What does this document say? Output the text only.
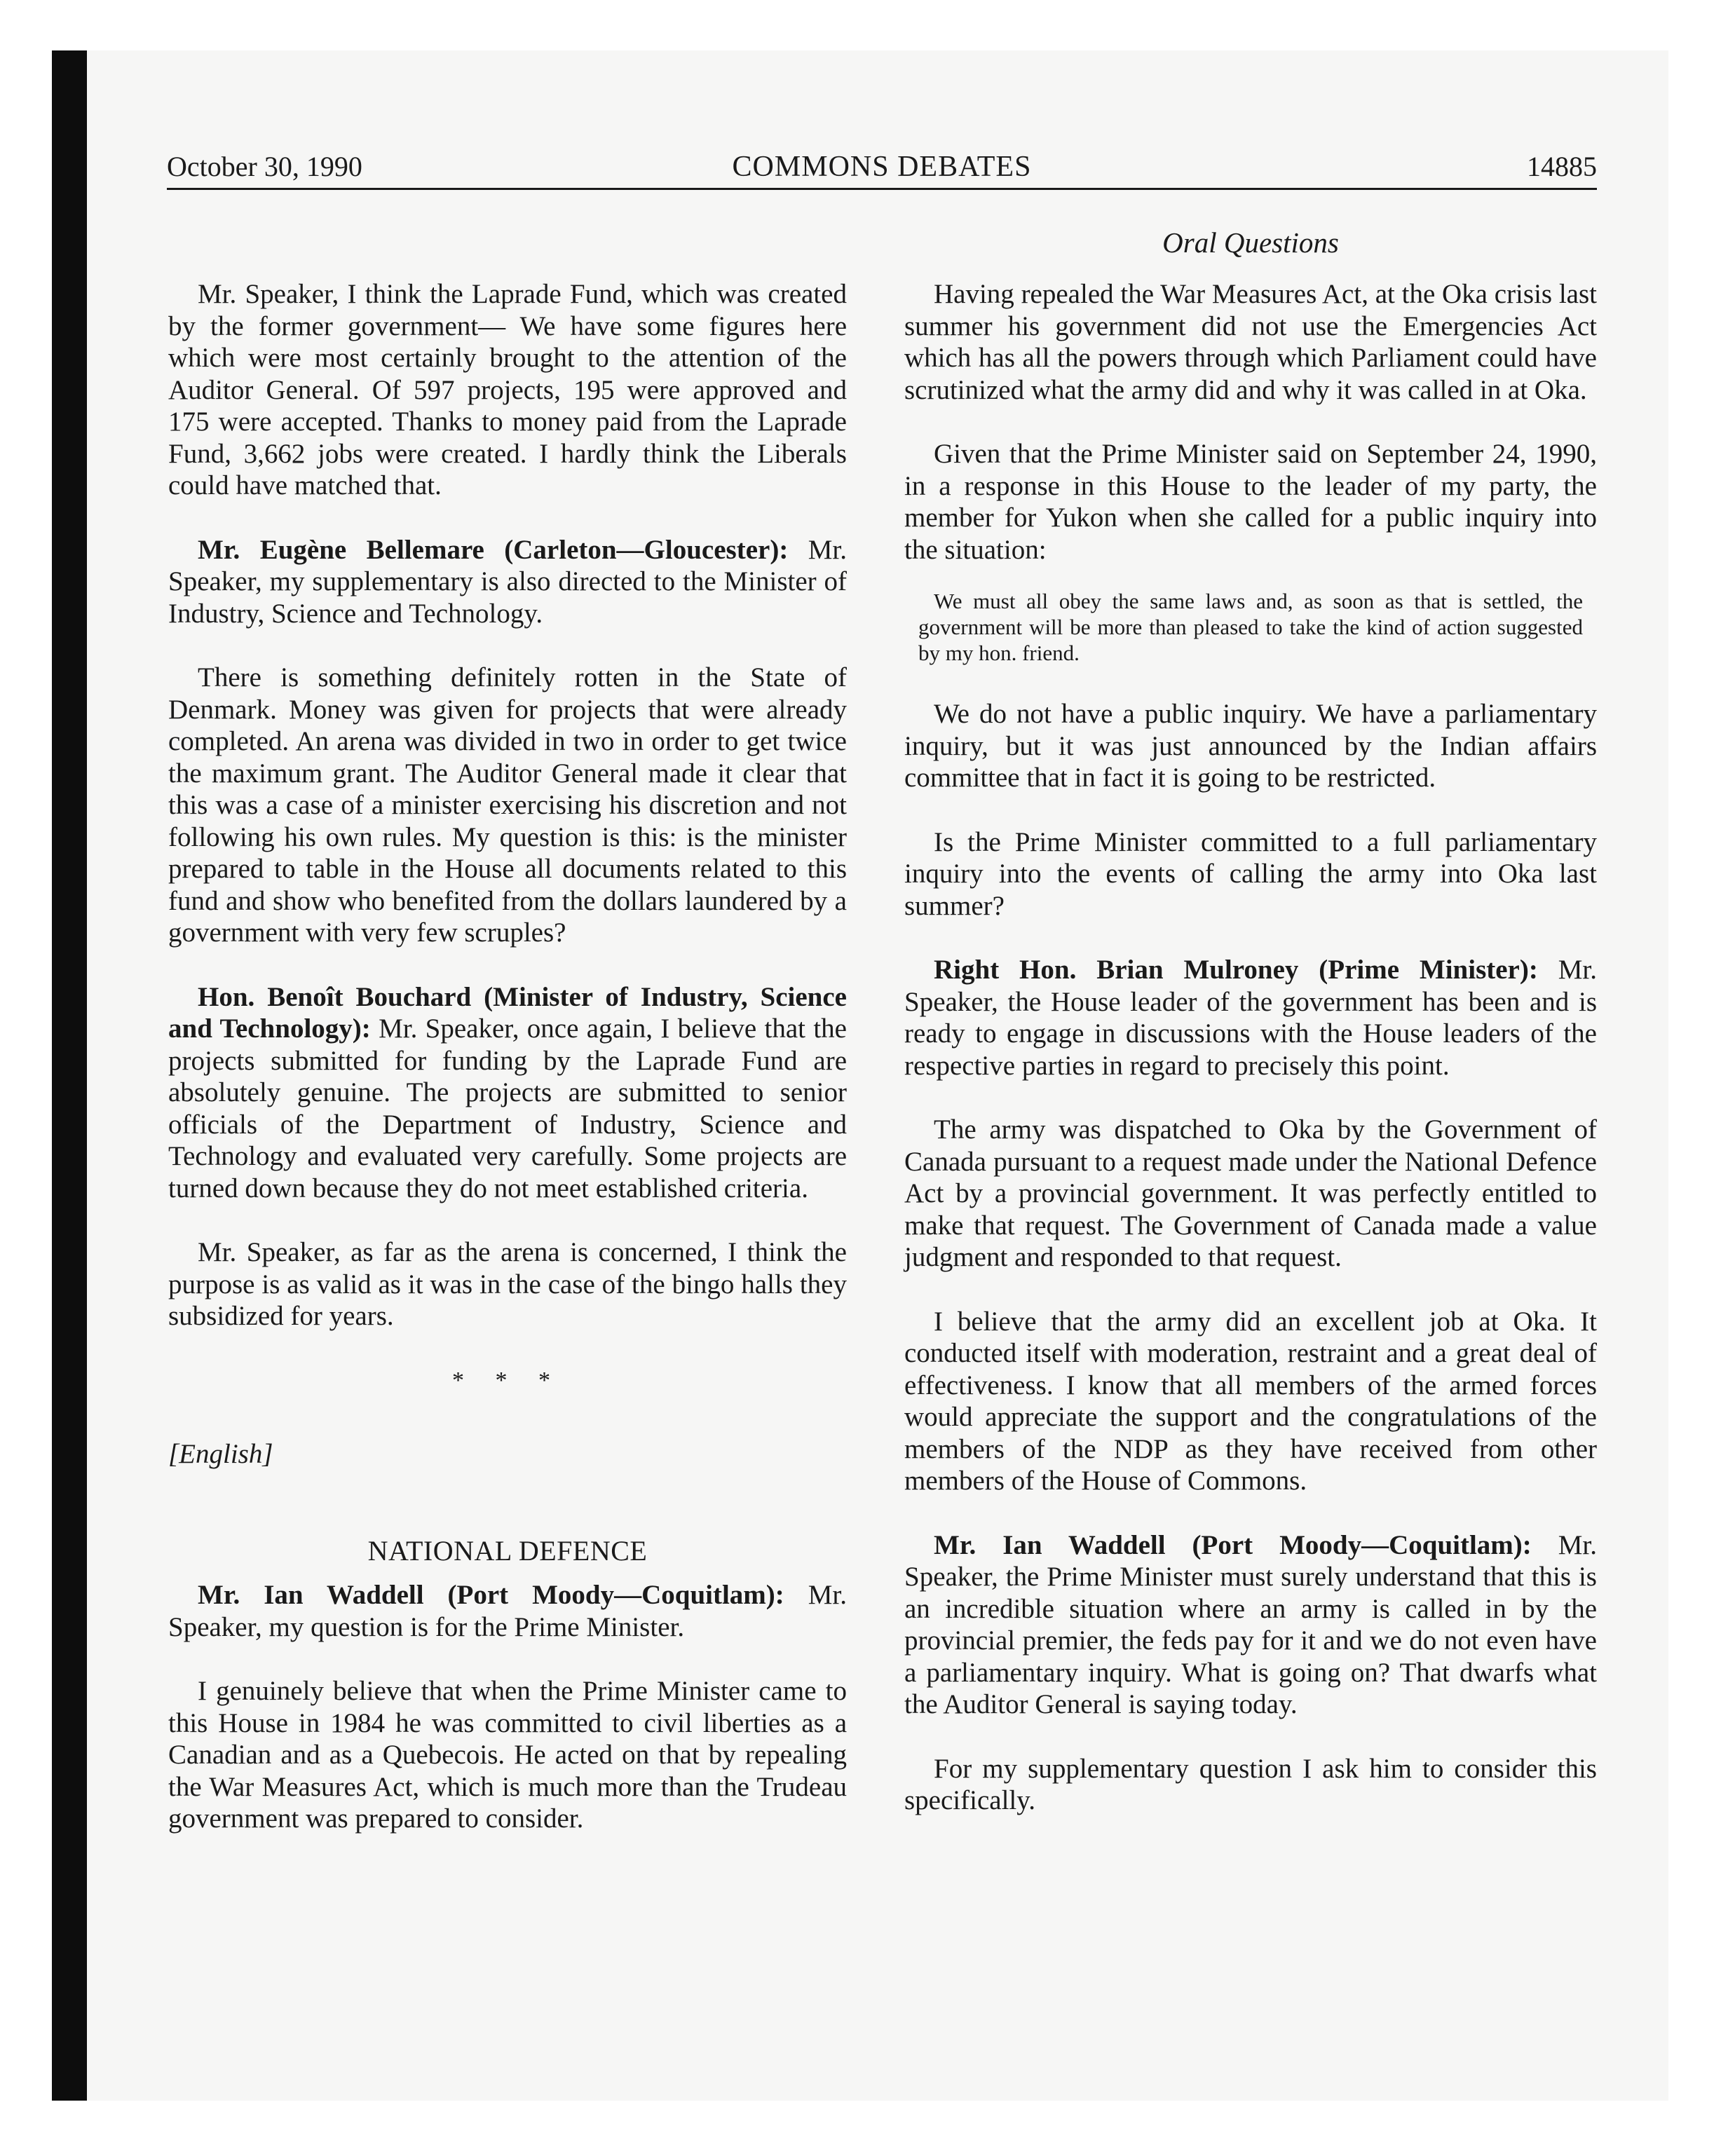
October 30, 1990	COMMONS DEBATES	14885
Oral Questions

Mr. Speaker, I think the Laprade Fund, which was created by the former government— We have some figures here which were most certainly brought to the attention of the Auditor General. Of 597 projects, 195 were approved and 175 were accepted. Thanks to money paid from the Laprade Fund, 3,662 jobs were created. I hardly think the Liberals could have matched that.

Mr. Eugène Bellemare (Carleton—Gloucester): Mr. Speaker, my supplementary is also directed to the Minister of Industry, Science and Technology.

There is something definitely rotten in the State of Denmark. Money was given for projects that were already completed. An arena was divided in two in order to get twice the maximum grant. The Auditor General made it clear that this was a case of a minister exercising his discretion and not following his own rules. My question is this: is the minister prepared to table in the House all documents related to this fund and show who benefited from the dollars laundered by a government with very few scruples?

Hon. Benoît Bouchard (Minister of Industry, Science and Technology): Mr. Speaker, once again, I believe that the projects submitted for funding by the Laprade Fund are absolutely genuine. The projects are submitted to senior officials of the Department of Industry, Science and Technology and evaluated very carefully. Some projects are turned down because they do not meet established criteria.

Mr. Speaker, as far as the arena is concerned, I think the purpose is as valid as it was in the case of the bingo halls they subsidized for years.

* * *

[English]

NATIONAL DEFENCE

Mr. Ian Waddell (Port Moody—Coquitlam): Mr. Speaker, my question is for the Prime Minister.

I genuinely believe that when the Prime Minister came to this House in 1984 he was committed to civil liberties as a Canadian and as a Quebecois. He acted on that by repealing the War Measures Act, which is much more than the Trudeau government was prepared to consider.

Having repealed the War Measures Act, at the Oka crisis last summer his government did not use the Emergencies Act which has all the powers through which Parliament could have scrutinized what the army did and why it was called in at Oka.

Given that the Prime Minister said on September 24, 1990, in a response in this House to the leader of my party, the member for Yukon when she called for a public inquiry into the situation:

We must all obey the same laws and, as soon as that is settled, the government will be more than pleased to take the kind of action suggested by my hon. friend.

We do not have a public inquiry. We have a parliamentary inquiry, but it was just announced by the Indian affairs committee that in fact it is going to be restricted.

Is the Prime Minister committed to a full parliamentary inquiry into the events of calling the army into Oka last summer?

Right Hon. Brian Mulroney (Prime Minister): Mr. Speaker, the House leader of the government has been and is ready to engage in discussions with the House leaders of the respective parties in regard to precisely this point.

The army was dispatched to Oka by the Government of Canada pursuant to a request made under the National Defence Act by a provincial government. It was perfectly entitled to make that request. The Government of Canada made a value judgment and responded to that request.

I believe that the army did an excellent job at Oka. It conducted itself with moderation, restraint and a great deal of effectiveness. I know that all members of the armed forces would appreciate the support and the congratulations of the members of the NDP as they have received from other members of the House of Commons.

Mr. Ian Waddell (Port Moody—Coquitlam): Mr. Speaker, the Prime Minister must surely understand that this is an incredible situation where an army is called in by the provincial premier, the feds pay for it and we do not even have a parliamentary inquiry. What is going on? That dwarfs what the Auditor General is saying today.

For my supplementary question I ask him to consider this specifically.
